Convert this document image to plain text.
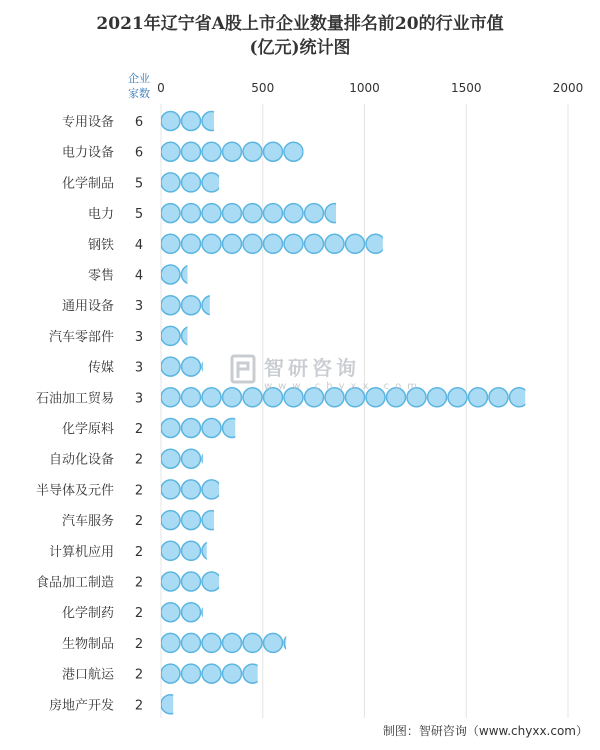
2021年辽宁省A股上市企业数量排名前20的行业市值
(亿元)统计图
企业
家数 0	500	1000	1500	2000
专用设备 6
电力设备 6
化学制品 5
电力 5
钢铁 4
零售 4
通用设备 3
汽车零部件 3
传媒 3
石油加工贸易 3
化学原料 2
自动化设备 2
半导体及元件 2
汽车服务 2
计算机应用 2
食品加工制造 2
化学制药 2
生物制品 2
港口航运 2
房地产开发 2
智研咨询
www.chyxx.com
制图：智研咨询（www.chyxx.com）
